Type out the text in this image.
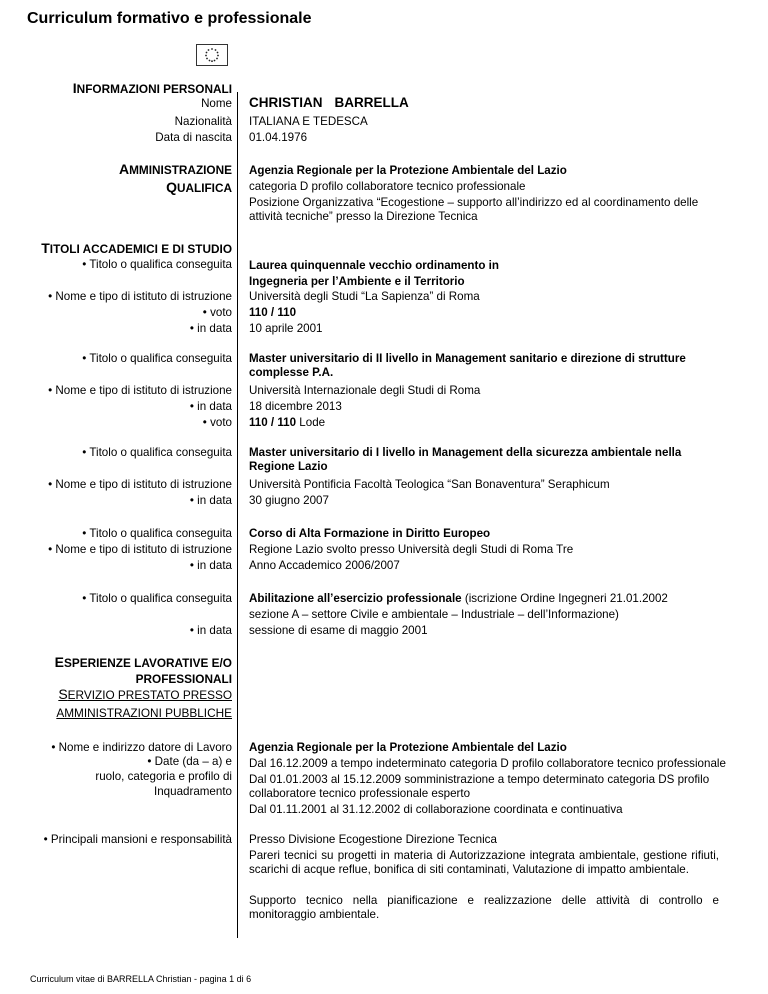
Curriculum formativo e professionale
INFORMAZIONI PERSONALI
Nome CHRISTIAN BARRELLA
Nazionalità ITALIANA E TEDESCA
Data di nascita 01.04.1976
AMMINISTRAZIONE
QUALIFICA
Agenzia Regionale per la Protezione Ambientale del Lazio
categoria D profilo collaboratore tecnico professionale
Posizione Organizzativa “Ecogestione – supporto all’indirizzo ed al coordinamento delle attività tecniche” presso la Direzione Tecnica
TITOLI ACCADEMICI E DI STUDIO
• Titolo o qualifica conseguita Laurea quinquennale vecchio ordinamento in
Ingegneria per l’Ambiente e il Territorio
• Nome e tipo di istituto di istruzione Università degli Studi “La Sapienza” di Roma
• voto 110 / 110
• in data 10 aprile 2001
• Titolo o qualifica conseguita Master universitario di II livello in Management sanitario e direzione di strutture complesse P.A.
• Nome e tipo di istituto di istruzione Università Internazionale degli Studi di Roma
• in data 18 dicembre 2013
• voto 110 / 110 Lode
• Titolo o qualifica conseguita Master universitario di I livello in Management della sicurezza ambientale nella Regione Lazio
• Nome e tipo di istituto di istruzione Università Pontificia Facoltà Teologica “San Bonaventura” Seraphicum
• in data 30 giugno 2007
• Titolo o qualifica conseguita Corso di Alta Formazione in Diritto Europeo
• Nome e tipo di istituto di istruzione Regione Lazio svolto presso Università degli Studi di Roma Tre
• in data Anno Accademico 2006/2007
• Titolo o qualifica conseguita Abilitazione all’esercizio professionale (iscrizione Ordine Ingegneri 21.01.2002
sezione A – settore Civile e ambientale – Industriale – dell’Informazione)
• in data sessione di esame di maggio 2001
ESPERIENZE LAVORATIVE E/O
PROFESSIONALI
SERVIZIO PRESTATO PRESSO
AMMINISTRAZIONI PUBBLICHE
• Nome e indirizzo datore di Lavoro
• Date (da – a) e
ruolo, categoria e profilo di
Inquadramento
Agenzia Regionale per la Protezione Ambientale del Lazio
Dal 16.12.2009 a tempo indeterminato categoria D profilo collaboratore tecnico professionale
Dal 01.01.2003 al 15.12.2009 somministrazione a tempo determinato categoria DS profilo collaboratore tecnico professionale esperto
Dal 01.11.2001 al 31.12.2002 di collaborazione coordinata e continuativa
• Principali mansioni e responsabilità Presso Divisione Ecogestione Direzione Tecnica
Pareri tecnici su progetti in materia di Autorizzazione integrata ambientale, gestione rifiuti, scarichi di acque reflue, bonifica di siti contaminati, Valutazione di impatto ambientale.
Supporto tecnico nella pianificazione e realizzazione delle attività di controllo e monitoraggio ambientale.
Curriculum vitae di BARRELLA Christian - pagina 1 di 6
